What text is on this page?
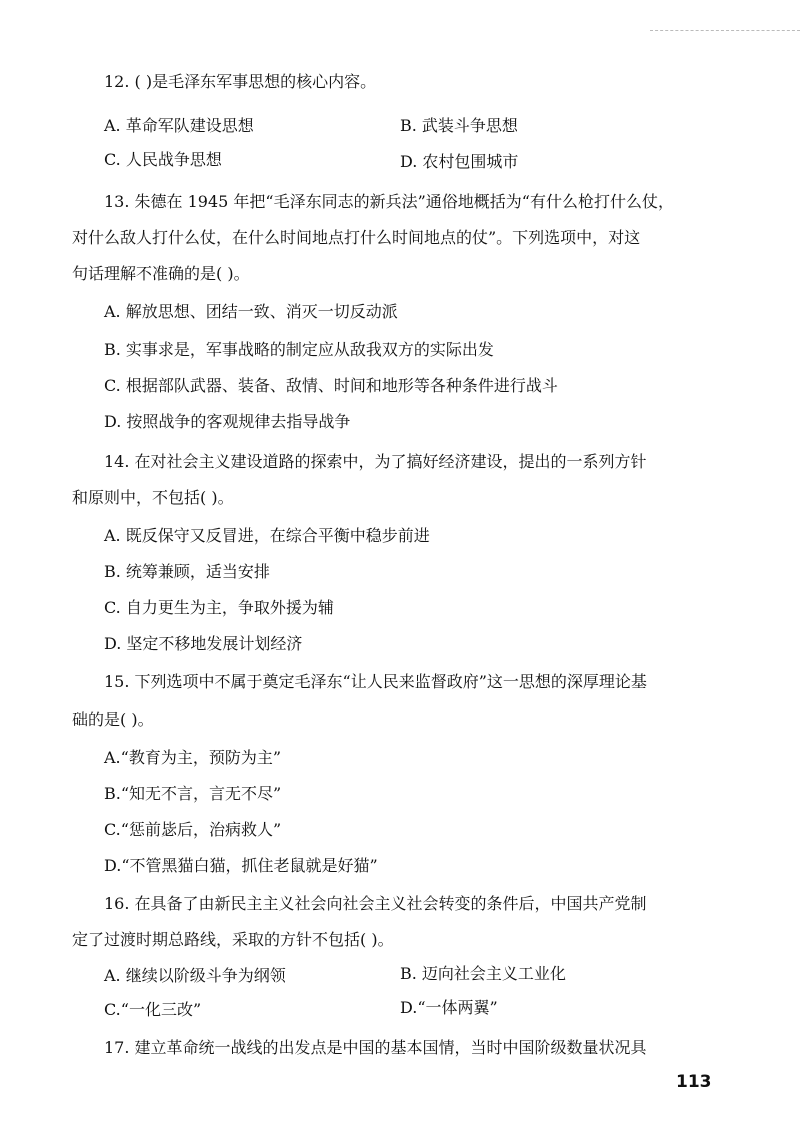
12. ( )是毛泽东军事思想的核心内容。
A. 革命军队建设思想	B. 武装斗争思想
C. 人民战争思想	D. 农村包围城市
13. 朱德在 1945 年把“毛泽东同志的新兵法”通俗地概括为“有什么枪打什么仗，
对什么敌人打什么仗，在什么时间地点打什么时间地点的仗”。下列选项中，对这
句话理解不准确的是( )。
A. 解放思想、团结一致、消灭一切反动派
B. 实事求是，军事战略的制定应从敌我双方的实际出发
C. 根据部队武器、装备、敌情、时间和地形等各种条件进行战斗
D. 按照战争的客观规律去指导战争
14. 在对社会主义建设道路的探索中，为了搞好经济建设，提出的一系列方针
和原则中，不包括( )。
A. 既反保守又反冒进，在综合平衡中稳步前进
B. 统筹兼顾，适当安排
C. 自力更生为主，争取外援为辅
D. 坚定不移地发展计划经济
15. 下列选项中不属于奠定毛泽东“让人民来监督政府”这一思想的深厚理论基
础的是( )。
A.“教育为主，预防为主”
B.“知无不言，言无不尽”
C.“惩前毖后，治病救人”
D.“不管黑猫白猫，抓住老鼠就是好猫”
16. 在具备了由新民主主义社会向社会主义社会转变的条件后，中国共产党制
定了过渡时期总路线，采取的方针不包括( )。
A. 继续以阶级斗争为纲领	B. 迈向社会主义工业化
C.“一化三改”	D.“一体两翼”
17. 建立革命统一战线的出发点是中国的基本国情，当时中国阶级数量状况具
113
